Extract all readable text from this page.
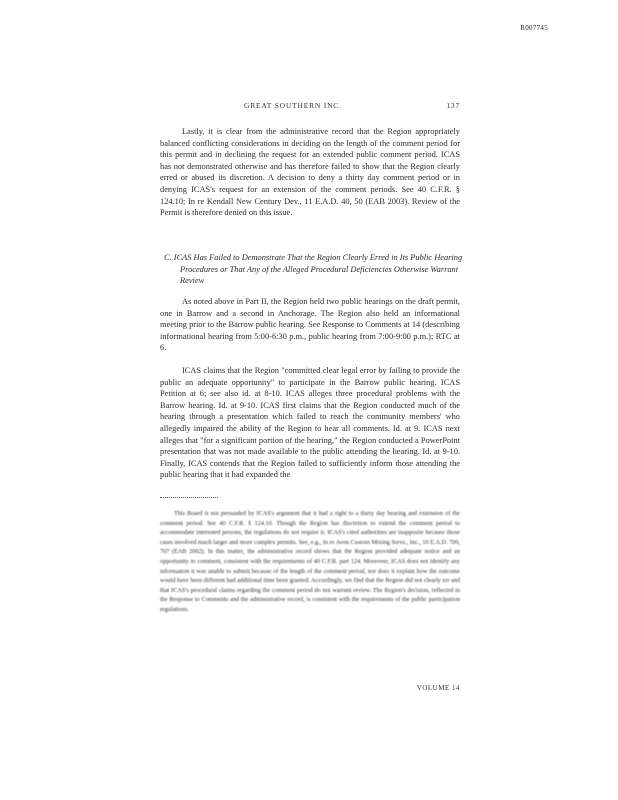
R007745
GREAT SOUTHERN INC.	137

Lastly, it is clear from the administrative record that the Region appropriately balanced conflicting considerations in deciding on the length of the comment period for this permit and in declining the request for an extended public comment period. ICAS has not demonstrated otherwise and has therefore failed to show that the Region clearly erred or abused its discretion. A decision to deny a thirty day comment period or in denying ICAS's request for an extension of the comment periods. See 40 C.F.R. § 124.10; In re Kendall New Century Dev., 11 E.A.D. 40, 50 (EAB 2003). Review of the Permit is therefore denied on this issue.

C. ICAS Has Failed to Demonstrate That the Region Clearly Erred in Its Public Hearing Procedures or That Any of the Alleged Procedural Deficiencies Otherwise Warrant Review

As noted above in Part II, the Region held two public hearings on the draft permit, one in Barrow and a second in Anchorage. The Region also held an informational meeting prior to the Barrow public hearing. See Response to Comments at 14 (describing informational hearing from 5:00-6:30 p.m., public hearing from 7:00-9:00 p.m.); RTC at 6.

ICAS claims that the Region "committed clear legal error by failing to provide the public an adequate opportunity" to participate in the Barrow public hearing. ICAS Petition at 6; see also id. at 8-10. ICAS alleges three procedural problems with the Barrow hearing. Id. at 9-10. ICAS first claims that the Region conducted much of the hearing through a presentation which failed to reach the community members' who allegedly impaired the ability of the Region to hear all comments. Id. at 9. ICAS next alleges that "for a significant portion of the hearing," the Region conducted a PowerPoint presentation that was not made available to the public attending the hearing. Id. at 9-10. Finally, ICAS contends that the Region failed to sufficiently inform those attending the public hearing that it had expanded the

This Board is not persuaded by ICAS's argument that it had a right to a thirty day hearing and extension of the comment period. See 40 C.F.R. § 124.10. Though the Region has discretion to extend the comment period to accommodate interested persons, the regulations do not require it. ICAS's cited authorities are inapposite because those cases involved much larger and more complex permits. See, e.g., In re Avon Custom Mixing Servs., Inc., 10 E.A.D. 700, 707 (EAB 2002). In this matter, the administrative record shows that the Region provided adequate notice and an opportunity to comment, consistent with the requirements of 40 C.F.R. part 124. Moreover, ICAS does not identify any information it was unable to submit because of the length of the comment period, nor does it explain how the outcome would have been different had additional time been granted. Accordingly, we find that the Region did not clearly err and that ICAS's procedural claims regarding the comment period do not warrant review. The Region's decision, reflected in the Response to Comments and the administrative record, is consistent with the requirements of the public participation regulations.

VOLUME 14
